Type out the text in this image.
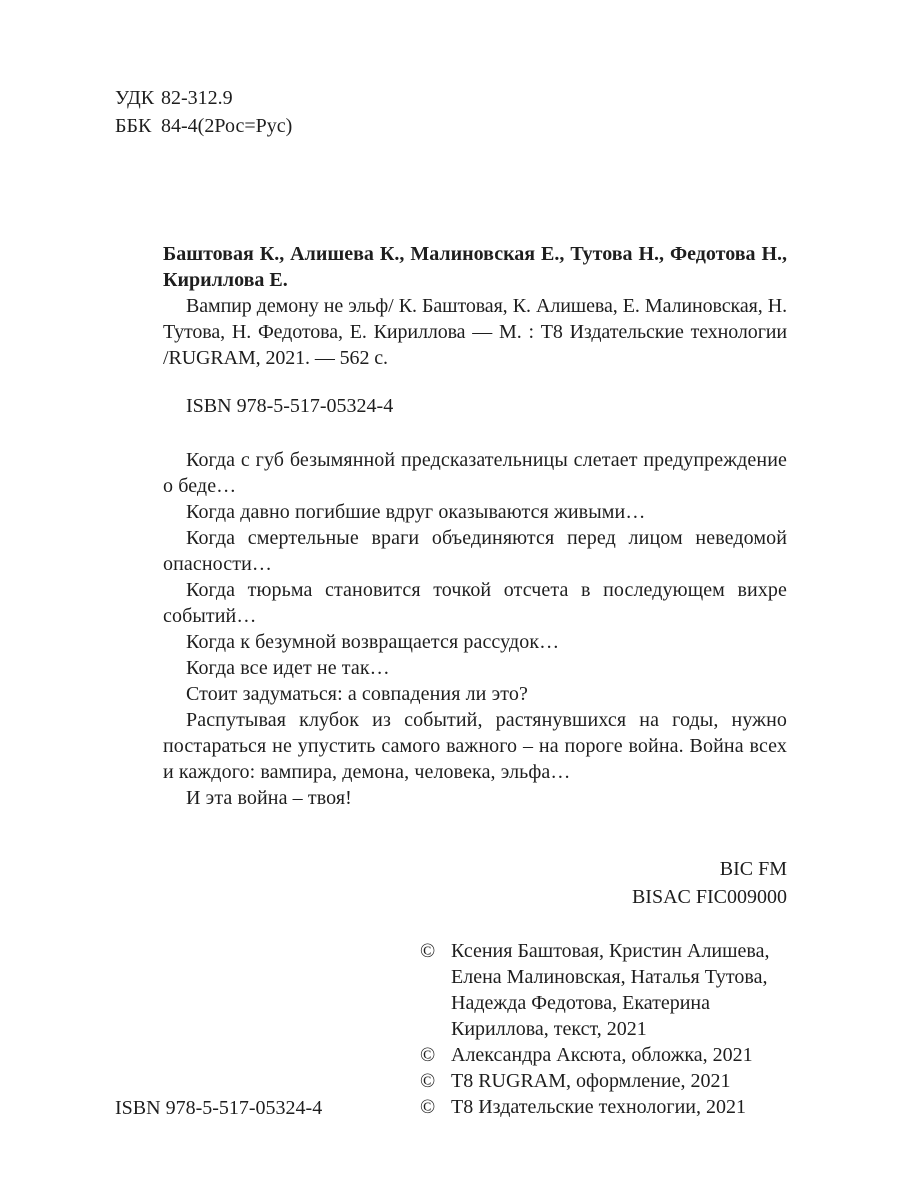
УДК 82-312.9
ББК 84-4(2Рос=Рус)

Баштовая К., Алишева К., Малиновская Е., Тутова Н., Федотова Н., Кириллова Е.

Вампир демону не эльф/ К. Баштовая, К. Алишева, Е. Малиновская, Н. Тутова, Н. Федотова, Е. Кириллова — М. : Т8 Издательские технологии /RUGRAM, 2021. — 562 с.

ISBN 978-5-517-05324-4

Когда с губ безымянной предсказательницы слетает предупреждение о беде…

Когда давно погибшие вдруг оказываются живыми…

Когда смертельные враги объединяются перед лицом неведомой опасности…

Когда тюрьма становится точкой отсчета в последующем вихре событий…

Когда к безумной возвращается рассудок…

Когда все идет не так…

Стоит задуматься: а совпадения ли это?

Распутывая клубок из событий, растянувшихся на годы, нужно постараться не упустить самого важного – на пороге война. Война всех и каждого: вампира, демона, человека, эльфа…

И эта война – твоя!

BIC FM
BISAC FIC009000

© Ксения Баштовая, Кристин Алишева, Елена Малиновская, Наталья Тутова, Надежда Федотова, Екатерина Кириллова, текст, 2021

© Александра Аксюта, обложка, 2021

© Т8 RUGRAM, оформление, 2021

© Т8 Издательские технологии, 2021

ISBN 978-5-517-05324-4
